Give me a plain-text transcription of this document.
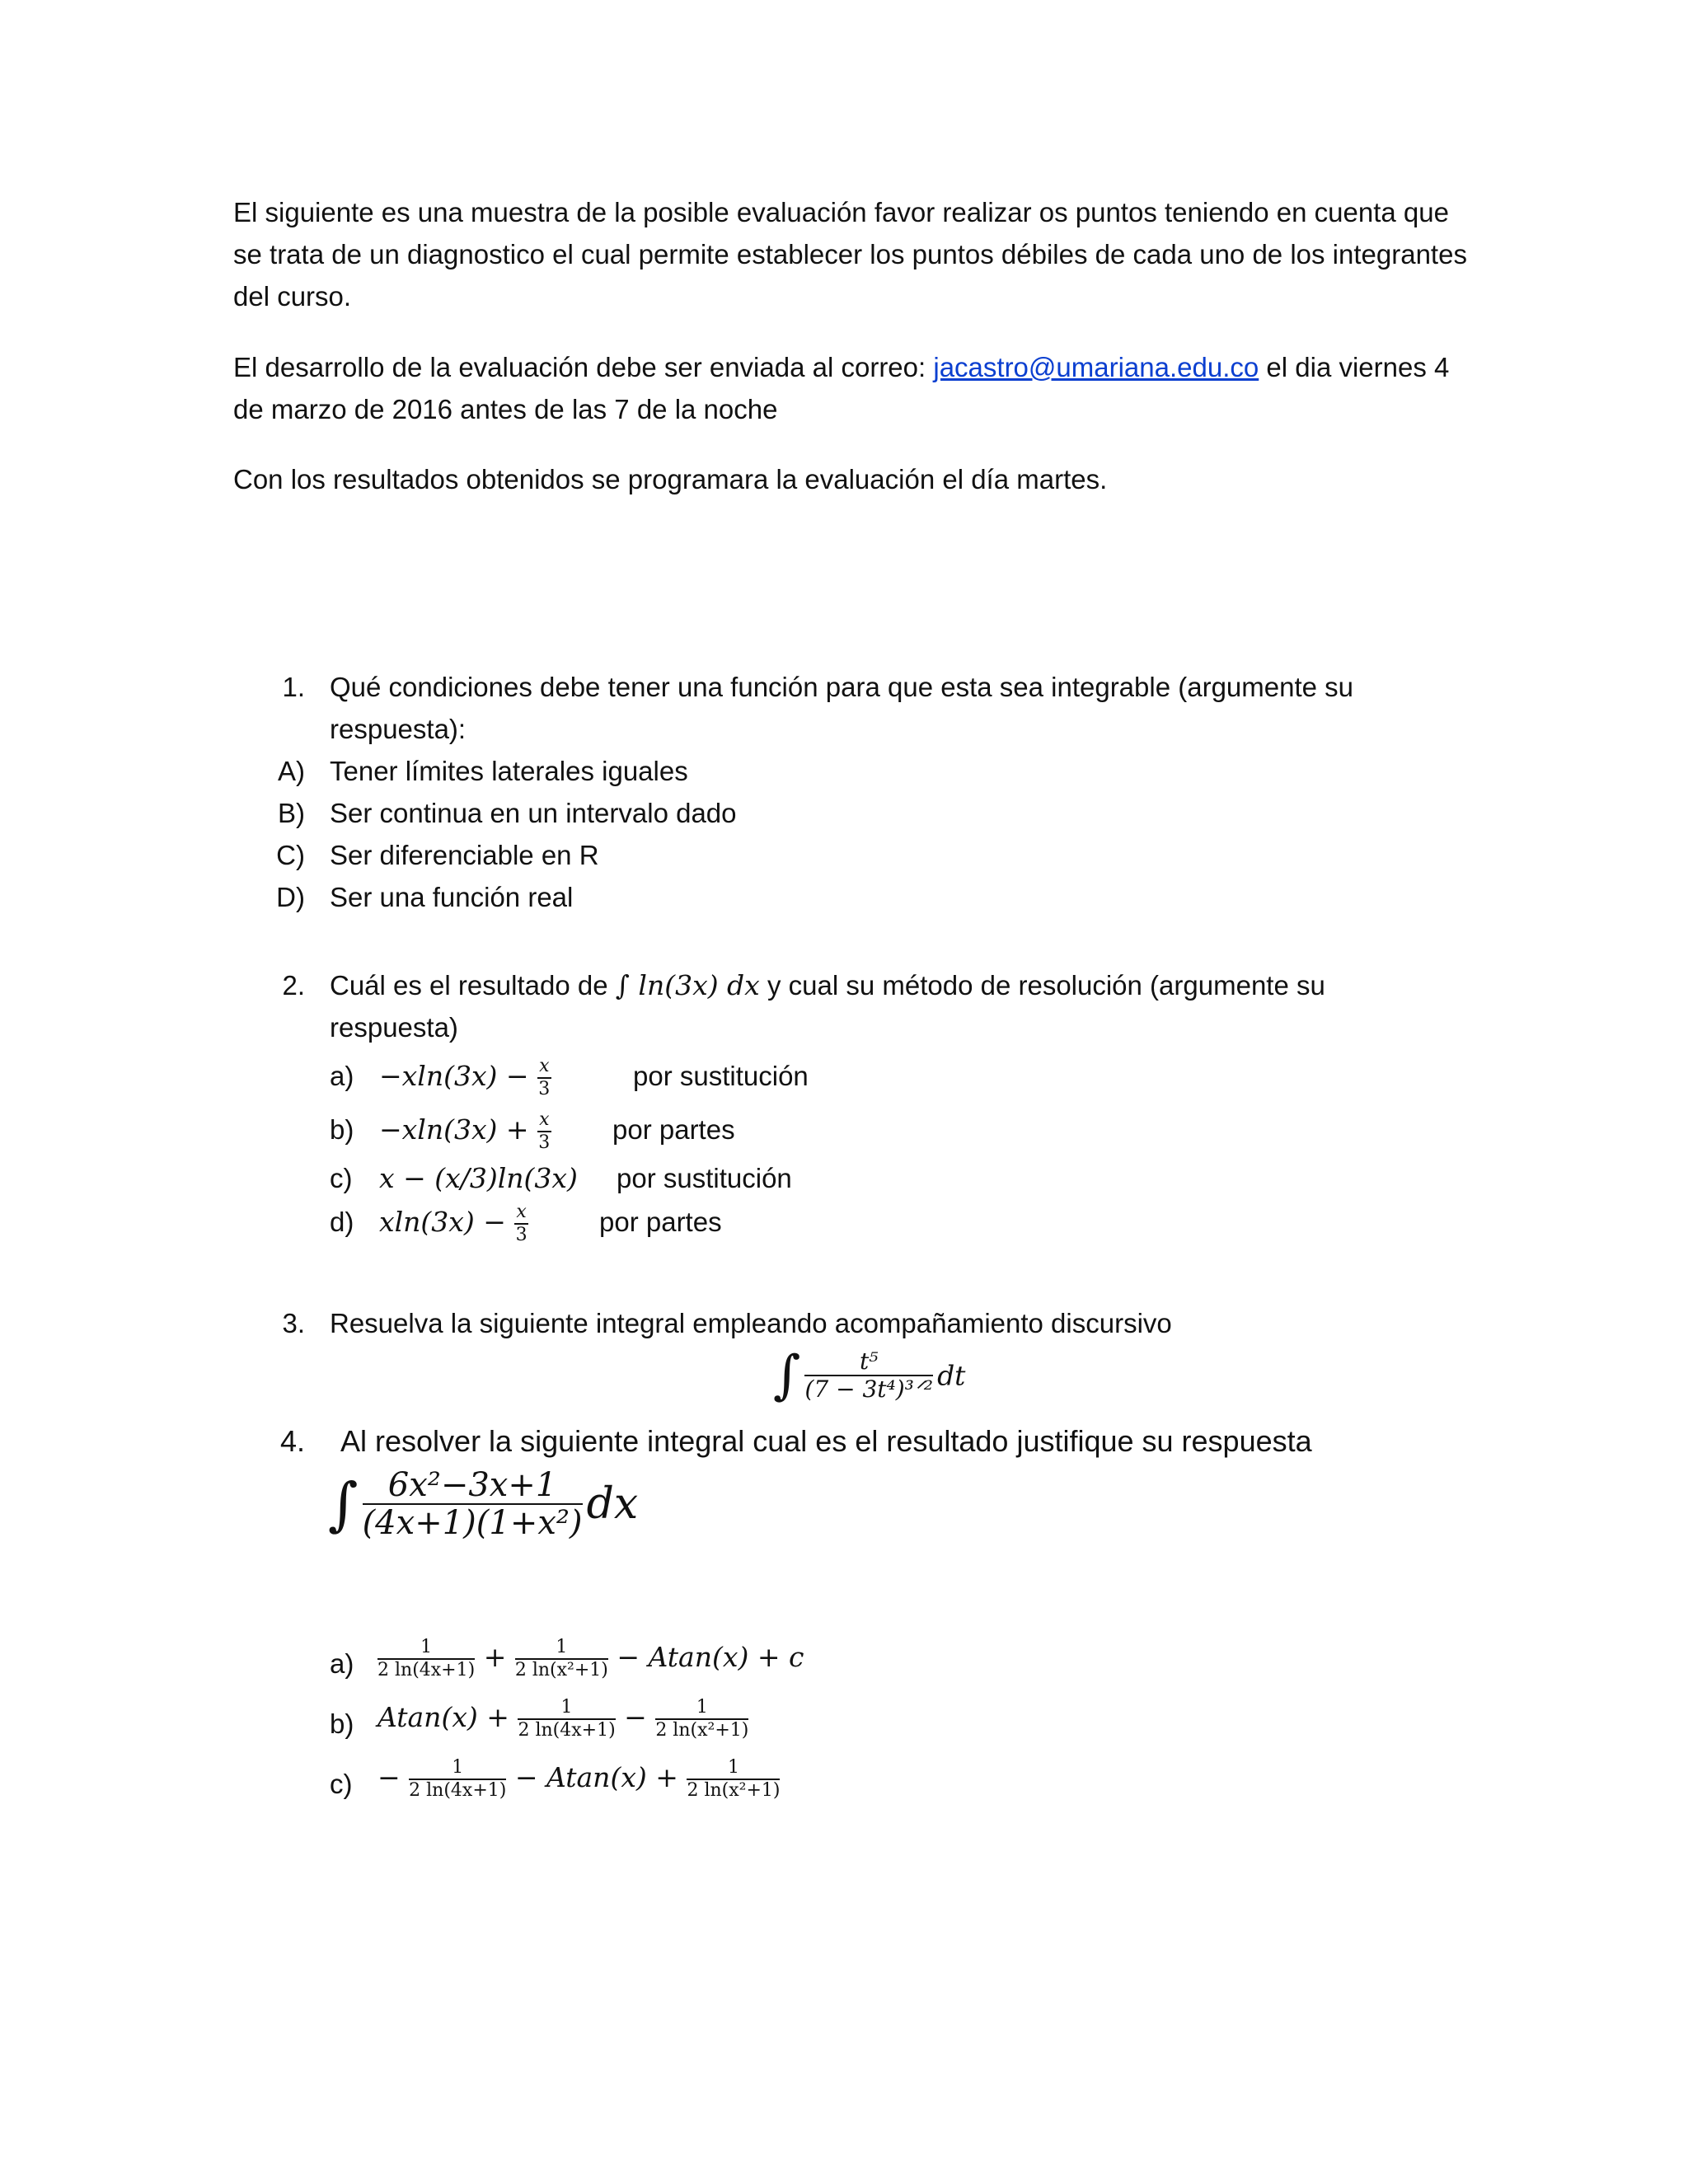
El siguiente es una muestra de la posible evaluación favor realizar os puntos teniendo en cuenta que se trata de un diagnostico el cual permite establecer los puntos débiles de cada uno de los integrantes del curso.
El desarrollo de la evaluación debe ser enviada al correo: jacastro@umariana.edu.co el dia viernes 4 de marzo de 2016 antes de las 7 de la noche
Con los resultados obtenidos se programara la evaluación el día martes.
1. Qué condiciones debe tener una función para que esta sea integrable (argumente su
respuesta):
A) Tener límites laterales iguales
B) Ser continua en un intervalo dado
C) Ser diferenciable en R
D) Ser una función real
2. Cuál es el resultado de ∫ ln(3x) dx y cual su método de resolución (argumente su
respuesta)
$a) -xln(3x) - \frac{x}{3}$	por sustitución
$b) -xln(3x) + \frac{x}{3}$ por partes
c) x − (x/3)ln(3x) por sustitución
d) $xln(3x) - \frac{x}{3}$	por partes
3. Resuelva la siguiente integral empleando acompañamiento discursivo
∫ $\frac{\text{t⁵}}{\text{(7 − 3t⁴)³ᐟ²}}$ dt
4. Al resolver la siguiente integral cual es el resultado justifique su respuesta
∫ $\frac{\text{6x²−3x+1}}{\text{(4x+1)(1+x²)}}$ dx
$a) \frac{1}{2 \ln(4x+1)} + \frac{1}{\text{2 ln(x²+1)}} - Atan(x) + c$
b) $Atan(x) + \frac{1}{2 \ln(4x+1)} - \frac{1}{\text{2 ln(x²+1)}}$
$c) - \frac{1}{2 \ln(4x+1)} - Atan(x) + \frac{1}{\text{2 ln(x²+1)}}$
